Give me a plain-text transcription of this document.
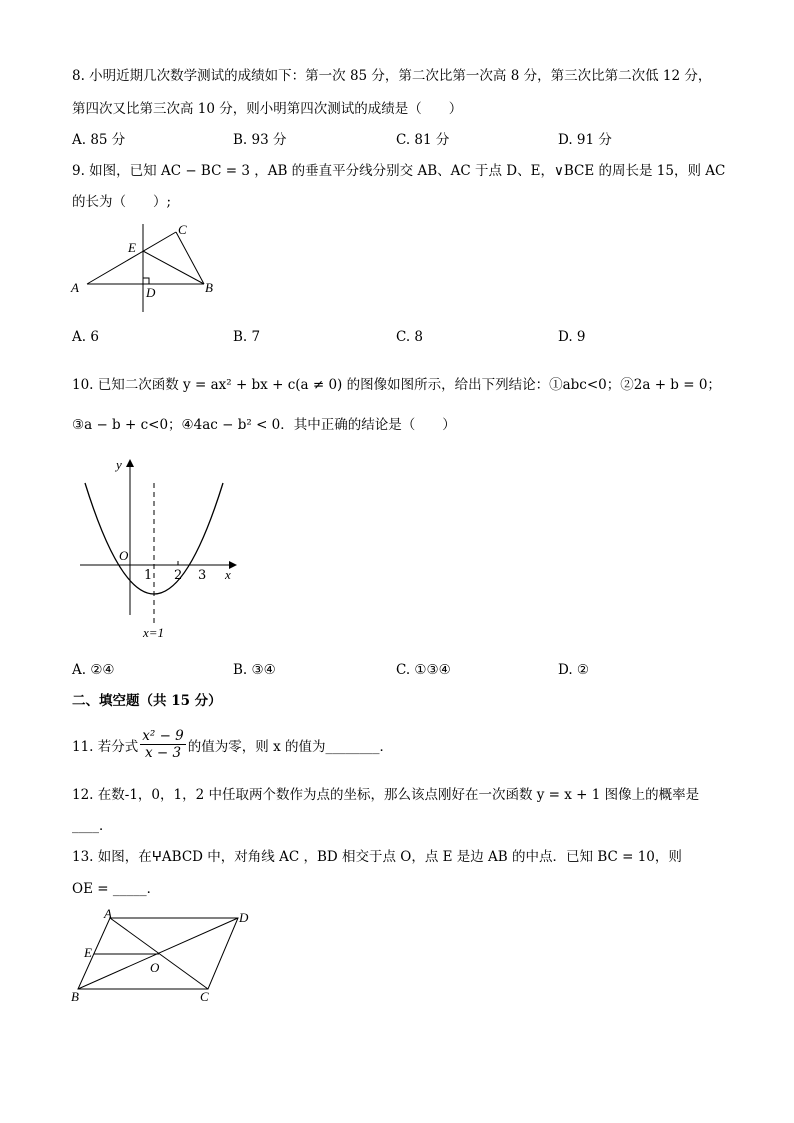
8. 小明近期几次数学测试的成绩如下：第一次 85 分，第二次比第一次高 8 分，第三次比第二次低 12 分，
第四次又比第三次高 10 分，则小明第四次测试的成绩是（　　）
A. 85 分	B. 93 分	C. 81 分	D. 91 分
9. 如图，已知 AC − BC = 3 ，AB 的垂直平分线分别交 AB、AC 于点 D、E，∨BCE 的周长是 15，则 AC
的长为（　　）;
A	B
C
D
E
A. 6	B. 7	C. 8	D. 9
10. 已知二次函数 y = ax² + bx + c(a ≠ 0) 的图像如图所示，给出下列结论：①abc<0；②2a + b = 0；
③a − b + c<0；④4ac − b² < 0．其中正确的结论是（　　）
y
x
O
1 2 3
x=1
A. ②④	B. ③④	C. ①③④	D. ②
二、填空题（共 15 分）
11. 若分式 $\frac{\text{x² − 9}}{x - 3}$ 的值为零，则 x 的值为________．
12. 在数-1，0，1，2 中任取两个数作为点的坐标，那么该点刚好在一次函数 y = x + 1 图像上的概率是
____．
13. 如图，在ⵖABCD 中，对角线 AC ，BD 相交于点 O，点 E 是边 AB 的中点．已知 BC = 10，则
OE = _____．
A	D
E
O
B	C
